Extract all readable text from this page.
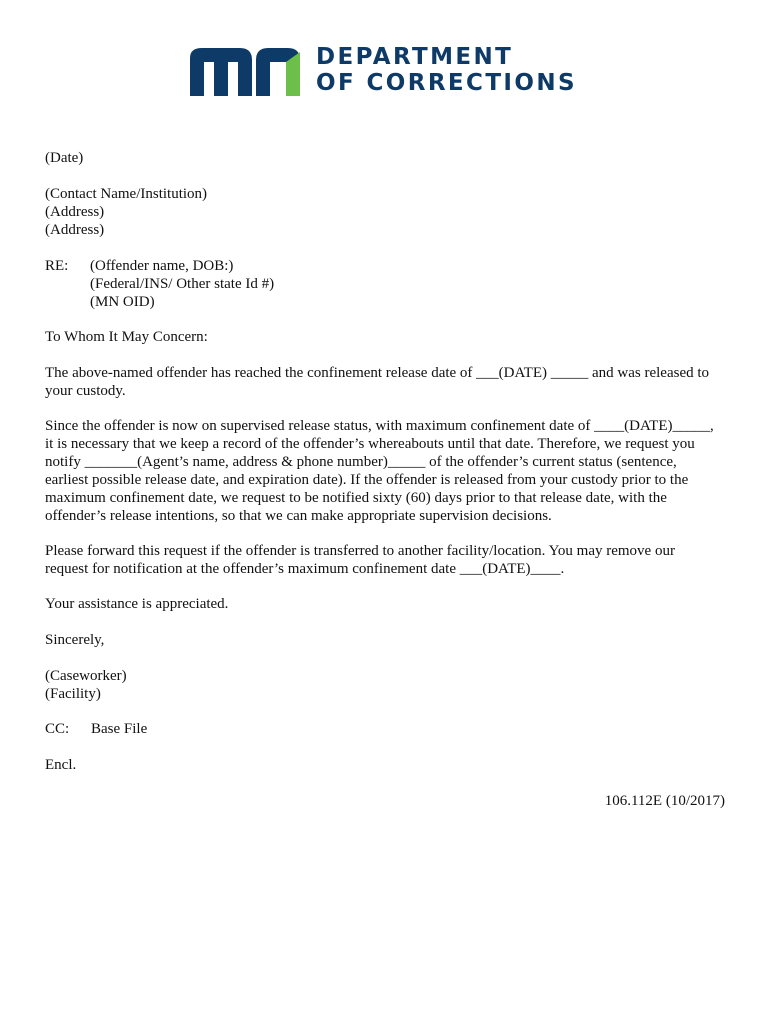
DEPARTMENT
OF CORRECTIONS
(Date)
(Contact Name/Institution)
(Address)
(Address)
RE: (Offender name, DOB:)
(Federal/INS/ Other state Id #)
(MN OID)
To Whom It May Concern:
The above-named offender has reached the confinement release date of ___(DATE) _____ and was released to
your custody.
Since the offender is now on supervised release status, with maximum confinement date of ____(DATE)_____,
it is necessary that we keep a record of the offender’s whereabouts until that date. Therefore, we request you
notify _______(Agent’s name, address & phone number)_____ of the offender’s current status (sentence,
earliest possible release date, and expiration date). If the offender is released from your custody prior to the
maximum confinement date, we request to be notified sixty (60) days prior to that release date, with the
offender’s release intentions, so that we can make appropriate supervision decisions.
Please forward this request if the offender is transferred to another facility/location. You may remove our
request for notification at the offender’s maximum confinement date ___(DATE)____.
Your assistance is appreciated.
Sincerely,
(Caseworker)
(Facility)
CC: Base File
Encl.
106.112E (10/2017)
